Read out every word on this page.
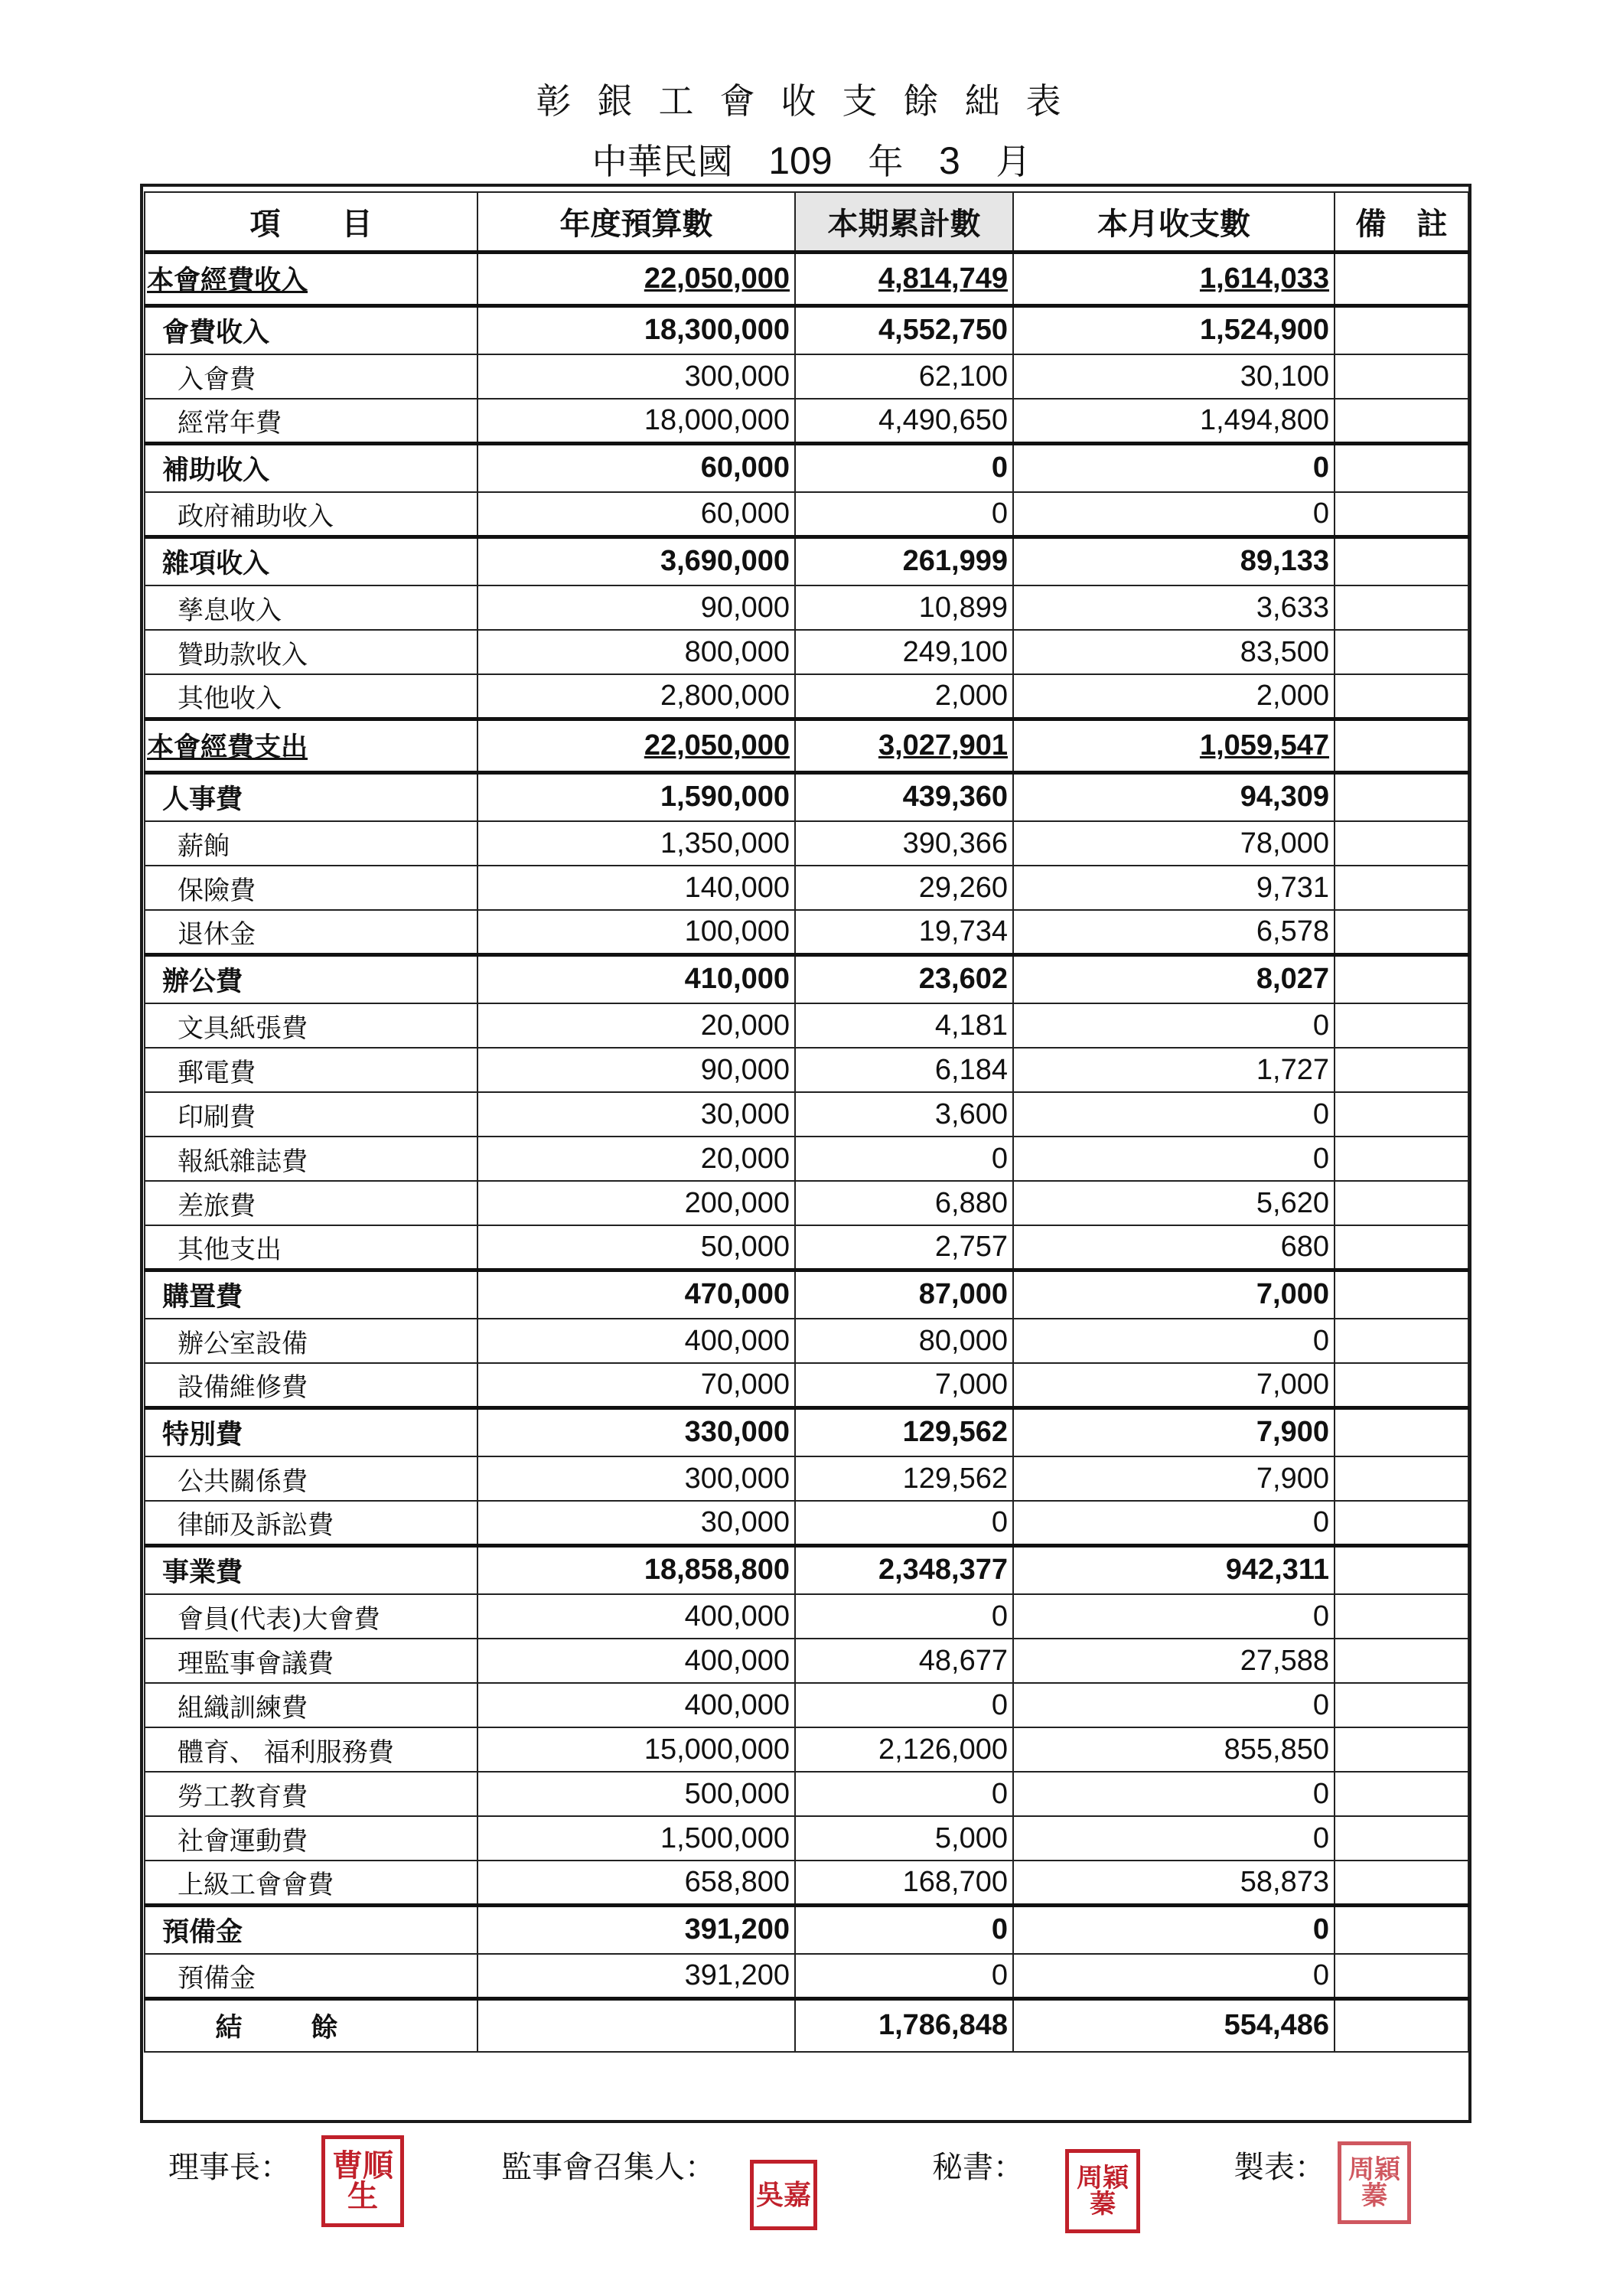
彰銀工會收支餘絀表
中華民國 109 年 3 月
項　　目	年度預算數	本期累計數	本月收支數	備　註
本會經費收入	22,050,000	4,814,749	1,614,033	
會費收入	18,300,000	4,552,750	1,524,900	
入會費	300,000	62,100	30,100	
經常年費	18,000,000	4,490,650	1,494,800	
補助收入	60,000	0	0	
政府補助收入	60,000	0	0	
雜項收入	3,690,000	261,999	89,133	
孳息收入	90,000	10,899	3,633	
贊助款收入	800,000	249,100	83,500	
其他收入	2,800,000	2,000	2,000	
本會經費支出	22,050,000	3,027,901	1,059,547	
人事費	1,590,000	439,360	94,309	
薪餉	1,350,000	390,366	78,000	
保險費	140,000	29,260	9,731	
退休金	100,000	19,734	6,578	
辦公費	410,000	23,602	8,027	
文具紙張費	20,000	4,181	0	
郵電費	90,000	6,184	1,727	
印刷費	30,000	3,600	0	
報紙雜誌費	20,000	0	0	
差旅費	200,000	6,880	5,620	
其他支出	50,000	2,757	680	
購置費	470,000	87,000	7,000	
辦公室設備	400,000	80,000	0	
設備維修費	70,000	7,000	7,000	
特別費	330,000	129,562	7,900	
公共關係費	300,000	129,562	7,900	
律師及訴訟費	30,000	0	0	
事業費	18,858,800	2,348,377	942,311	
會員(代表)大會費	400,000	0	0	
理監事會議費	400,000	48,677	27,588	
組織訓練費	400,000	0	0	
體育、 福利服務費	15,000,000	2,126,000	855,850	
勞工教育費	500,000	0	0	
社會運動費	1,500,000	5,000	0	
上級工會會費	658,800	168,700	58,873	
預備金	391,200	0	0	
預備金	391,200	0	0	
結餘		1,786,848	554,486	
理事長： 曹順生
監事會召集人：
吳嘉
秘書： 周穎蓁
製表： 周穎蓁
